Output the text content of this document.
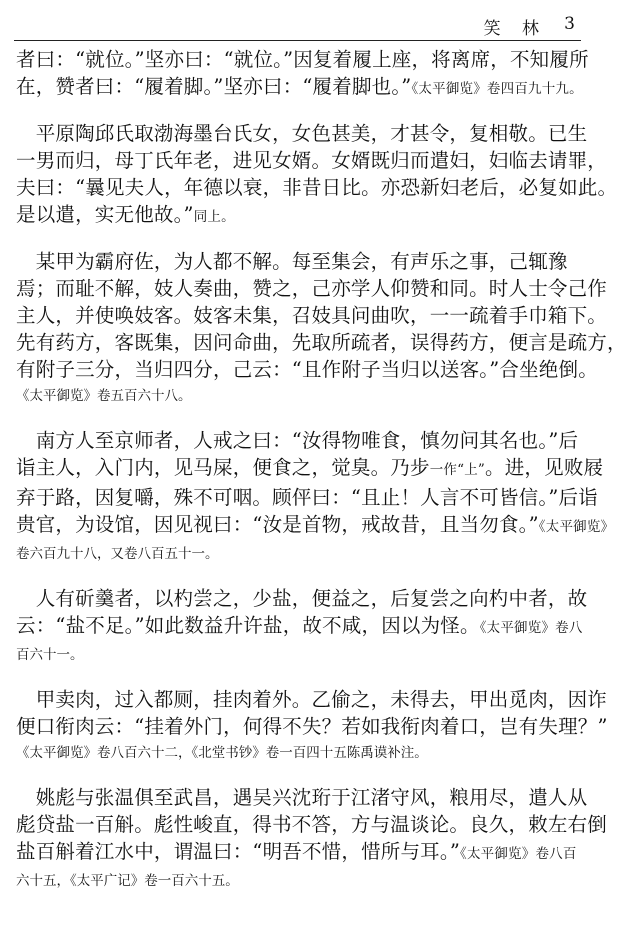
笑 林 3

者曰：“就位。”坚亦曰：“就位。”因复着履上座，将离席，不知履所

在，赞者曰：“履着脚。”坚亦曰：“履着脚也。”《太平御览》卷四百九十九。

　平原陶邱氏取渤海墨台氏女，女色甚美，才甚令，复相敬。已生

一男而归，母丁氏年老，进见女婿。女婿既归而遣妇，妇临去请罪，

夫曰：“曩见夫人，年德以衰，非昔日比。亦恐新妇老后，必复如此。

是以遣，实无他故。”同上。

　某甲为霸府佐，为人都不解。每至集会，有声乐之事，己辄豫

焉；而耻不解，妓人奏曲，赞之，己亦学人仰赞和同。时人士令己作

主人，并使唤妓客。妓客未集，召妓具问曲吹，一一疏着手巾箱下。

先有药方，客既集，因问命曲，先取所疏者，误得药方，便言是疏方，

有附子三分，当归四分，己云：“且作附子当归以送客。”合坐绝倒。

《太平御览》卷五百六十八。

　南方人至京师者，人戒之曰：“汝得物唯食，慎勿问其名也。”后

诣主人，入门内，见马屎，便食之，觉臭。乃步一作“上”。进，见败屐

弃于路，因复嚼，殊不可咽。顾伻曰：“且止！人言不可皆信。”后诣

贵官，为设馆，因见视曰：“汝是首物，戒故昔，且当勿食。”《太平御览》

卷六百九十八，又卷八百五十一。

　人有斫羹者，以杓尝之，少盐，便益之，后复尝之向杓中者，故

云：“盐不足。”如此数益升许盐，故不咸，因以为怪。《太平御览》卷八

百六十一。

　甲卖肉，过入都厕，挂肉着外。乙偷之，未得去，甲出觅肉，因诈

便口衔肉云：“挂着外门，何得不失？若如我衔肉着口，岂有失理？”

《太平御览》卷八百六十二，《北堂书钞》卷一百四十五陈禹谟补注。

　姚彪与张温俱至武昌，遇吴兴沈珩于江渚守风，粮用尽，遣人从

彪贷盐一百斛。彪性峻直，得书不答，方与温谈论。良久，敕左右倒

盐百斛着江水中，谓温曰：“明吾不惜，惜所与耳。”《太平御览》卷八百

六十五，《太平广记》卷一百六十五。
